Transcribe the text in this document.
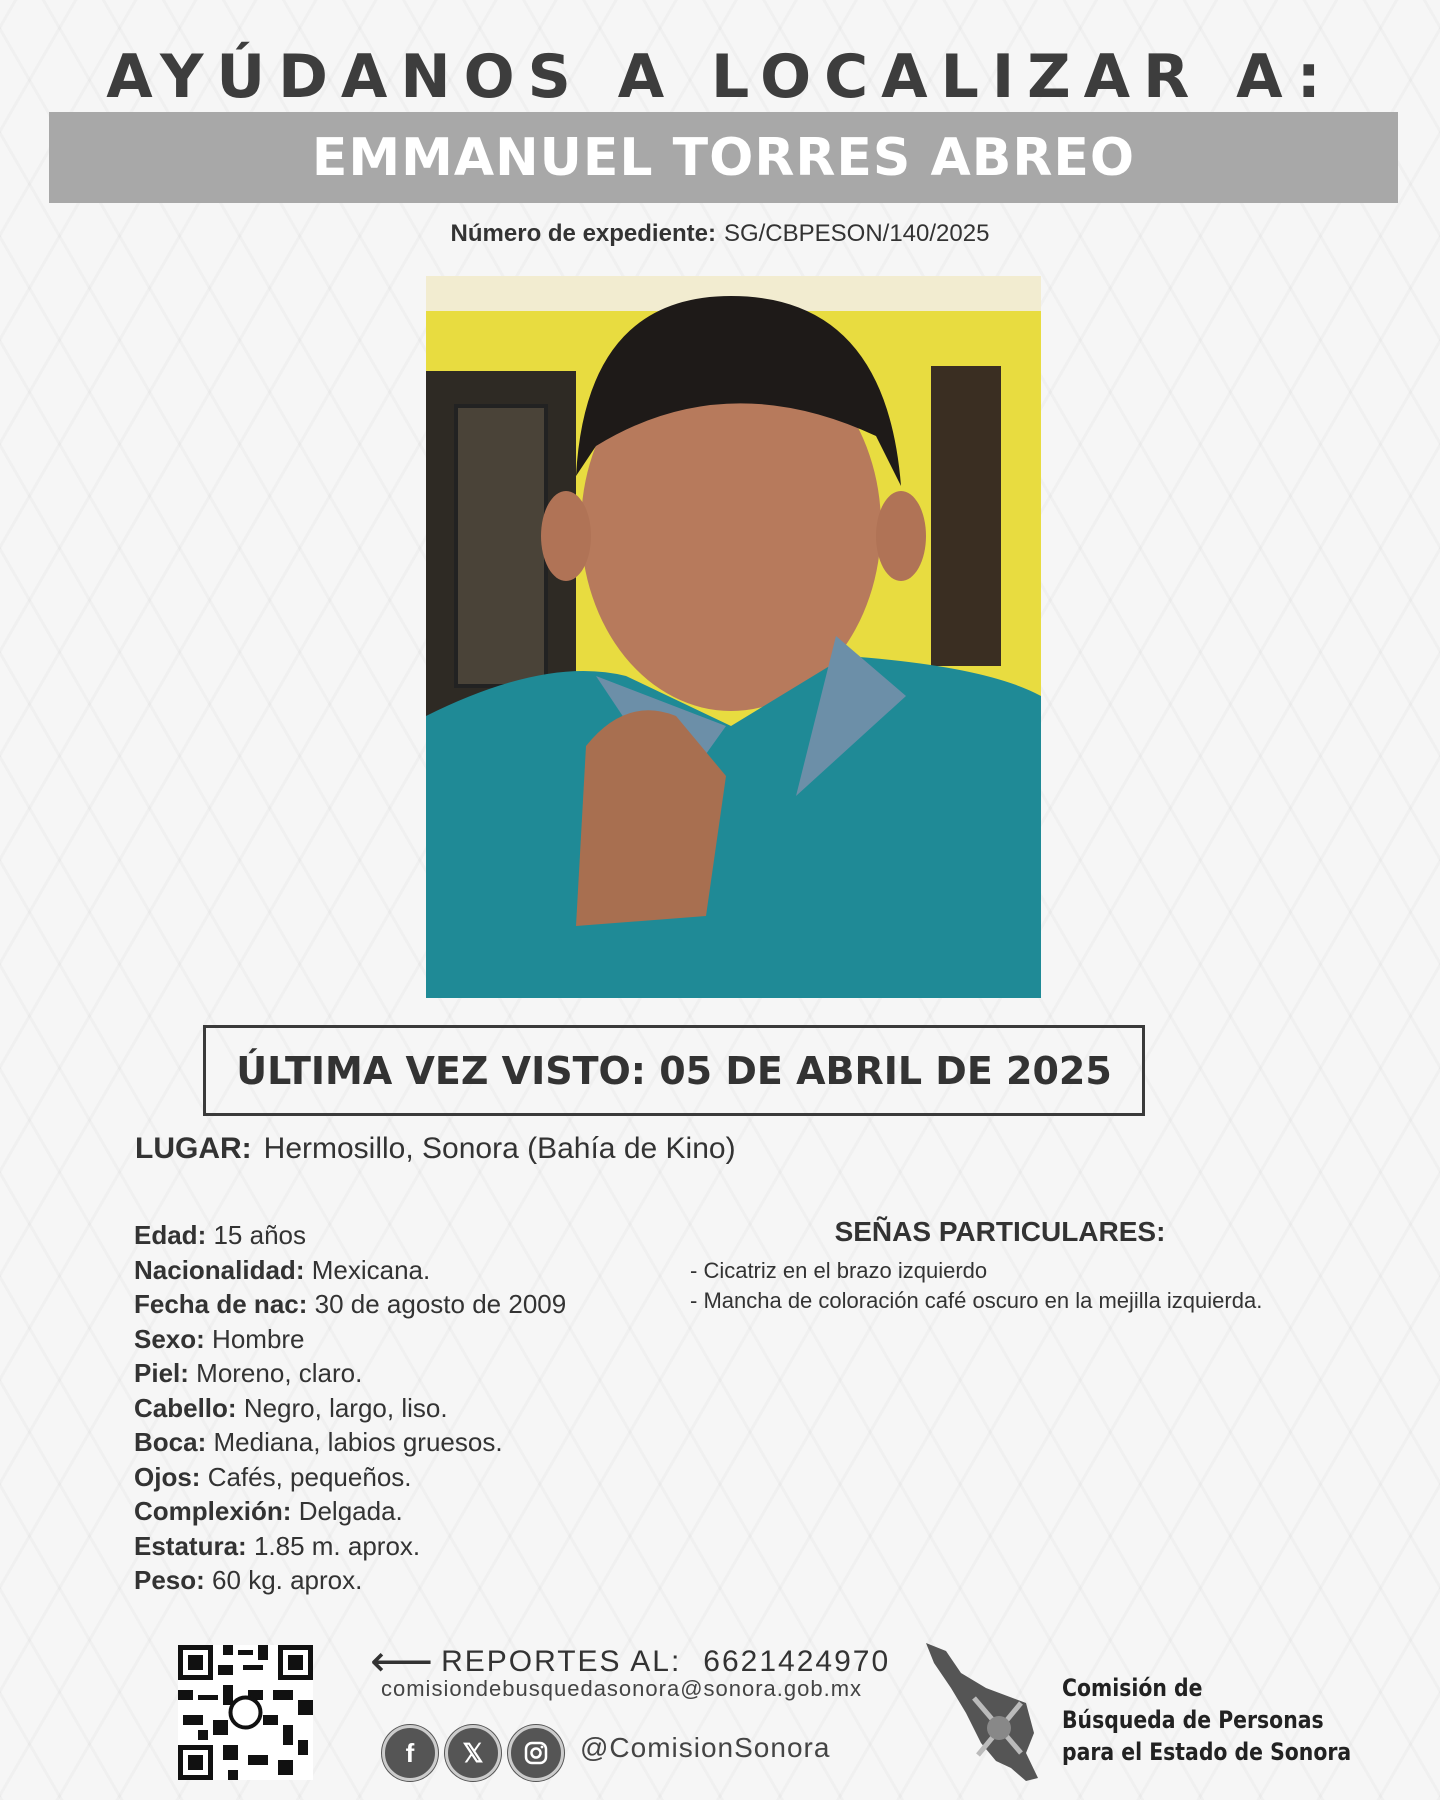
AYÚDANOS A LOCALIZAR A:
EMMANUEL TORRES ABREO
Número de expediente: SG/CBPESON/140/2025
ÚLTIMA VEZ VISTO: 05 DE ABRIL DE 2025
LUGAR: Hermosillo, Sonora (Bahía de Kino)
Edad: 15 años
Nacionalidad: Mexicana.
Fecha de nac: 30 de agosto de 2009
Sexo: Hombre
Piel: Moreno, claro.
Cabello: Negro, largo, liso.
Boca: Mediana, labios gruesos.
Ojos: Cafés, pequeños.
Complexión: Delgada.
Estatura: 1.85 m. aprox.
Peso: 60 kg. aprox.
SEÑAS PARTICULARES:
- Cicatriz en el brazo izquierdo
- Mancha de coloración café oscuro en la mejilla izquierda.
⟵ REPORTES AL: 6621424970
comisiondebusquedasonora@sonora.gob.mx
f	𝕏	@ComisionSonora
Comisión de
Búsqueda de Personas
para el Estado de Sonora
